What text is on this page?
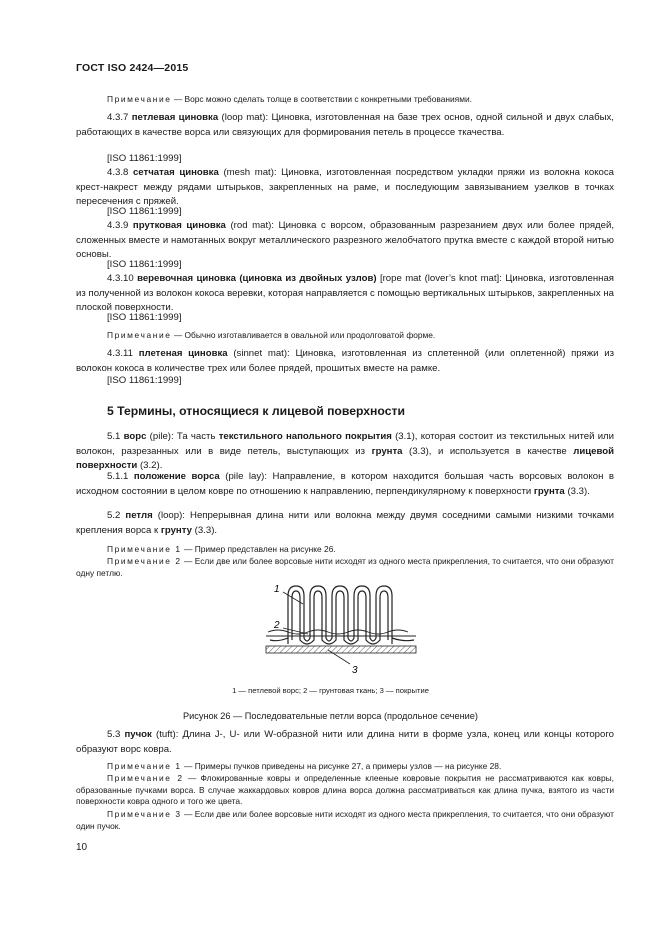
ГОСТ ISO 2424—2015
Примечание — Ворс можно сделать толще в соответствии с конкретными требованиями.
4.3.7 петлевая циновка (loop mat): Циновка, изготовленная на базе трех основ, одной сильной и двух слабых, работающих в качестве ворса или связующих для формирования петель в процессе ткачества.
[ISO 11861:1999]
4.3.8 сетчатая циновка (mesh mat): Циновка, изготовленная посредством укладки пряжи из волокна кокоса крест-накрест между рядами штырьков, закрепленных на раме, и последующим завязыванием узелков в точках пересечения с пряжей.
[ISO 11861:1999]
4.3.9 прутковая циновка (rod mat): Циновка с ворсом, образованным разрезанием двух или более прядей, сложенных вместе и намотанных вокруг металлического разрезного желобчатого прутка вместе с каждой второй нитью основы.
[ISO 11861:1999]
4.3.10 веревочная циновка (циновка из двойных узлов) [rope mat (lover’s knot mat]: Циновка, изготовленная из полученной из волокон кокоса веревки, которая направляется с помощью вертикальных штырьков, закрепленных на плоской поверхности.
[ISO 11861:1999]
Примечание — Обычно изготавливается в овальной или продолговатой форме.
4.3.11 плетеная циновка (sinnet mat): Циновка, изготовленная из сплетенной (или оплетенной) пряжи из волокон кокоса в количестве трех или более прядей, прошитых вместе на рамке.
[ISO 11861:1999]
5 Термины, относящиеся к лицевой поверхности
5.1 ворс (pile): Та часть текстильного напольного покрытия (3.1), которая состоит из текстильных нитей или волокон, разрезанных или в виде петель, выступающих из грунта (3.3), и используется в качестве лицевой поверхности (3.2).
5.1.1 положение ворса (pile lay): Направление, в котором находится большая часть ворсовых волокон в исходном состоянии в целом ковре по отношению к направлению, перпендикулярному к поверхности грунта (3.3).
5.2 петля (loop): Непрерывная длина нити или волокна между двумя соседними самыми низкими точками крепления ворса к грунту (3.3).
Примечание 1 — Пример представлен на рисунке 26.
Примечание 2 — Если две или более ворсовые нити исходят из одного места прикрепления, то считается, что они образуют одну петлю.
1
2
3
1 — петлевой ворс; 2 — грунтовая ткань; 3 — покрытие
Рисунок 26 — Последовательные петли ворса (продольное сечение)
5.3 пучок (tuft): Длина J-, U- или W-образной нити или длина нити в форме узла, конец или концы которого образуют ворс ковра.
Примечание 1 — Примеры пучков приведены на рисунке 27, а примеры узлов — на рисунке 28.
Примечание 2 — Флокированные ковры и определенные клееные ковровые покрытия не рассматриваются как ковры, образованные пучками ворса. В случае жаккардовых ковров длина ворса должна рассматриваться как длина пучка, взятого из части поверхности ковра одного и того же цвета.
Примечание 3 — Если две или более ворсовые нити исходят из одного места прикрепления, то считается, что они образуют один пучок.
10
